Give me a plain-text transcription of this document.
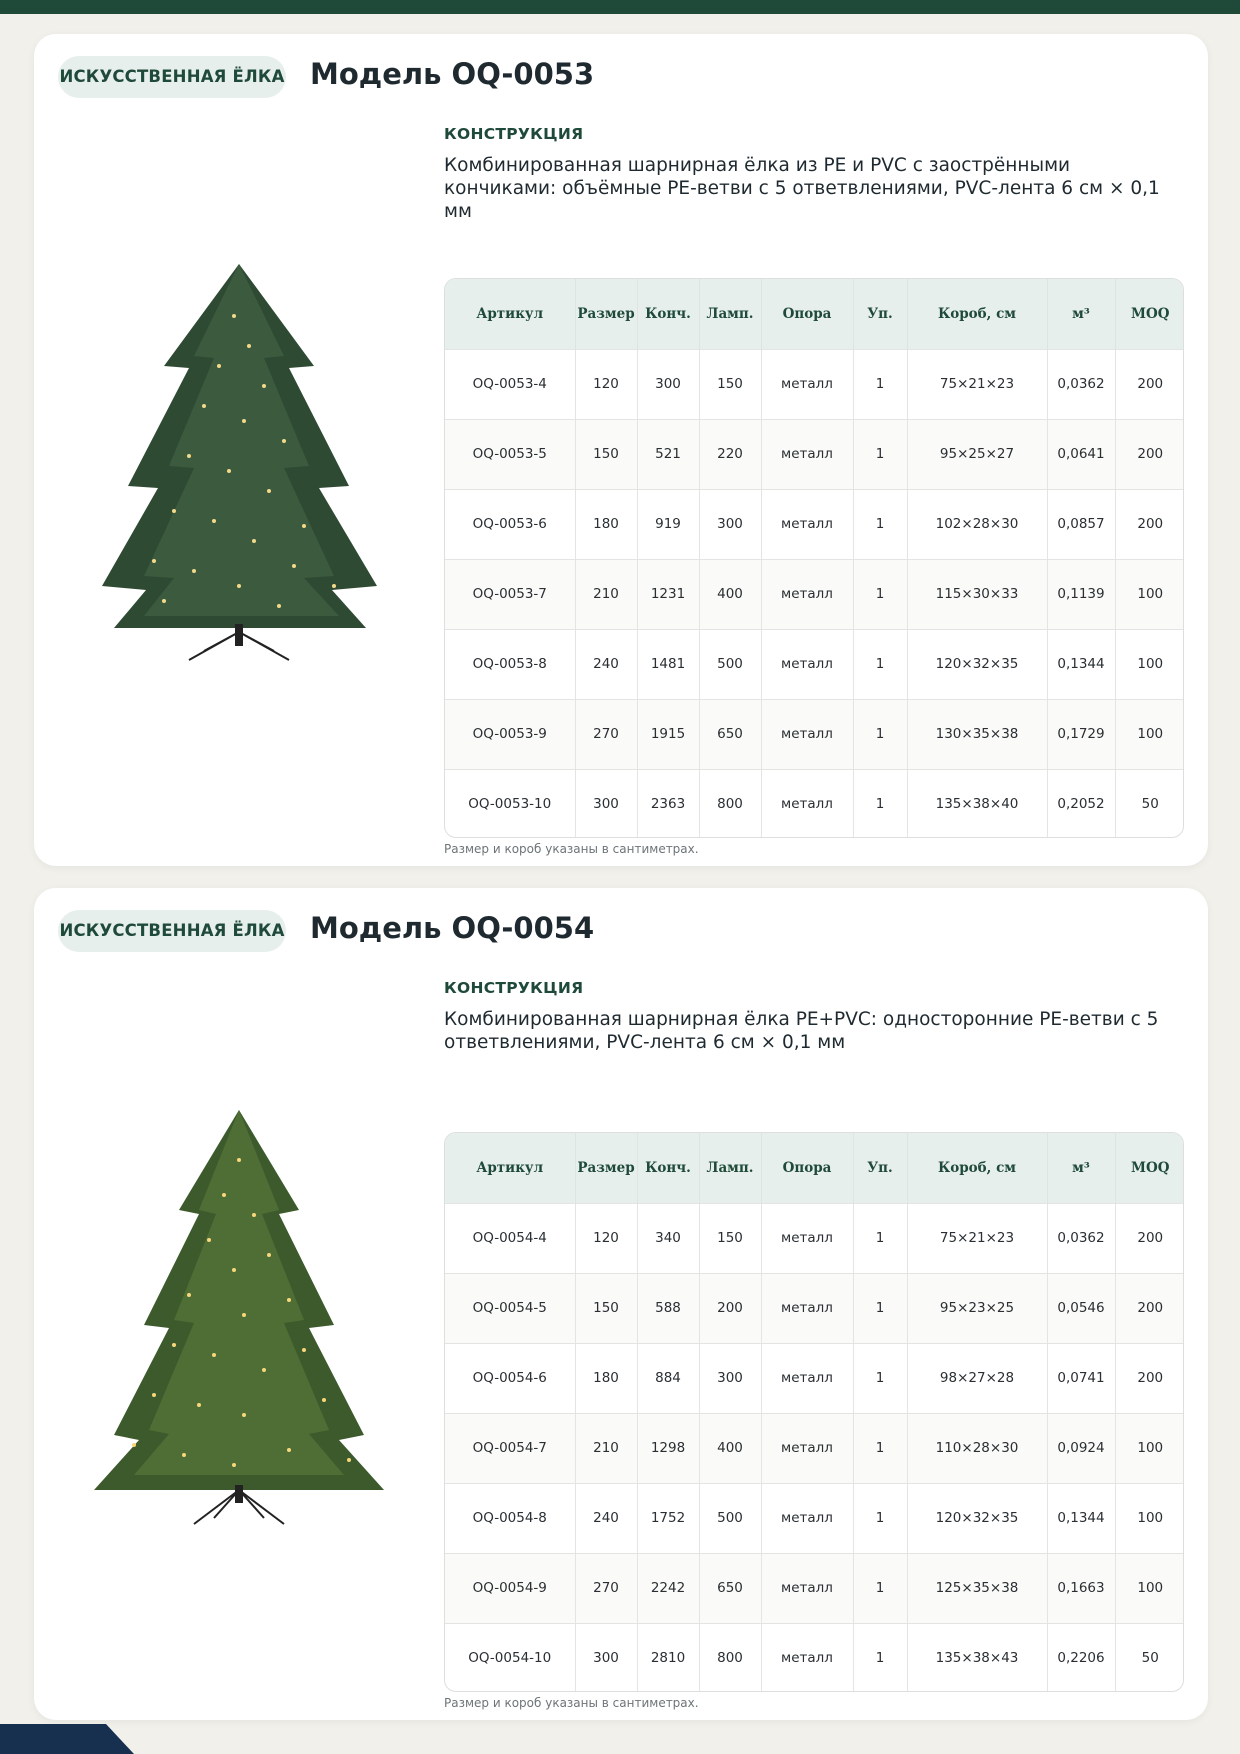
ИСКУССТВЕННАЯ ЁЛКА Модель OQ-0053
КОНСТРУКЦИЯ
Комбинированная шарнирная ёлка из PE и PVC с заострёнными кончиками: объёмные PE-ветви с 5 ответвлениями, PVC-лента 6 см × 0,1 мм
Артикул	Размер	Конч.	Ламп.	Опора	Уп.	Короб, см	м³	MOQ
OQ-0053-4	120	300	150	металл	1	75×21×23	0,0362	200
OQ-0053-5	150	521	220	металл	1	95×25×27	0,0641	200
OQ-0053-6	180	919	300	металл	1	102×28×30	0,0857	200
OQ-0053-7	210	1231	400	металл	1	115×30×33	0,1139	100
OQ-0053-8	240	1481	500	металл	1	120×32×35	0,1344	100
OQ-0053-9	270	1915	650	металл	1	130×35×38	0,1729	100
OQ-0053-10	300	2363	800	металл	1	135×38×40	0,2052	50
Размер и короб указаны в сантиметрах.
ИСКУССТВЕННАЯ ЁЛКА Модель OQ-0054
КОНСТРУКЦИЯ
Комбинированная шарнирная ёлка PE+PVC: односторонние PE-ветви с 5 ответвлениями, PVC-лента 6 см × 0,1 мм
Артикул	Размер	Конч.	Ламп.	Опора	Уп.	Короб, см	м³	MOQ
OQ-0054-4	120	340	150	металл	1	75×21×23	0,0362	200
OQ-0054-5	150	588	200	металл	1	95×23×25	0,0546	200
OQ-0054-6	180	884	300	металл	1	98×27×28	0,0741	200
OQ-0054-7	210	1298	400	металл	1	110×28×30	0,0924	100
OQ-0054-8	240	1752	500	металл	1	120×32×35	0,1344	100
OQ-0054-9	270	2242	650	металл	1	125×35×38	0,1663	100
OQ-0054-10	300	2810	800	металл	1	135×38×43	0,2206	50
Размер и короб указаны в сантиметрах.
